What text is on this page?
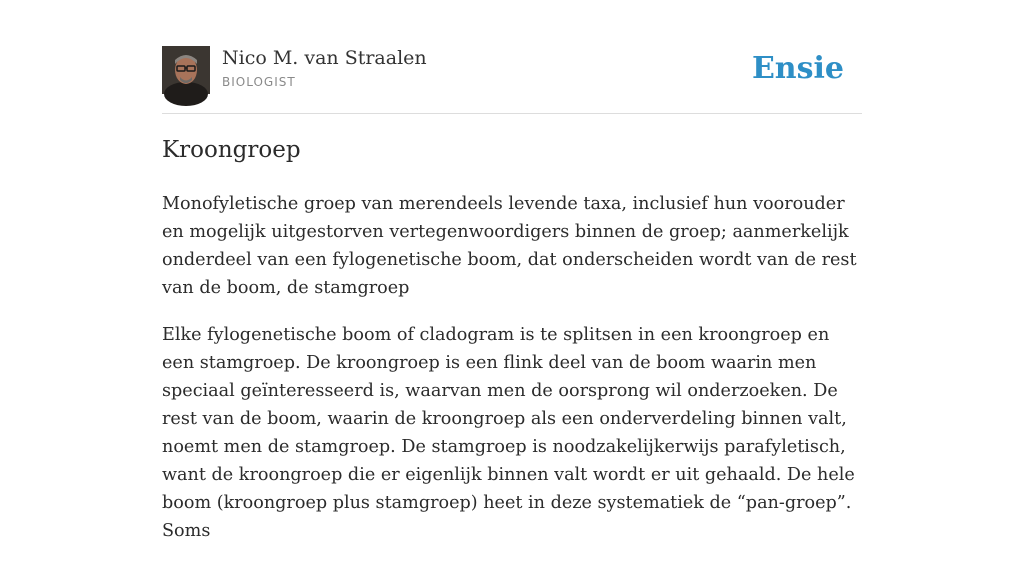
Nico M. van Straalen
BIOLOGIST	Ensie
Kroongroep

Monofyletische groep van merendeels levende taxa, inclusief hun voorouder en mogelijk uitgestorven vertegenwoordigers binnen de groep; aanmerkelijk onderdeel van een fylogenetische boom, dat onderscheiden wordt van de rest van de boom, de stamgroep

Elke fylogenetische boom of cladogram is te splitsen in een kroongroep en een stamgroep. De kroongroep is een flink deel van de boom waarin men speciaal geïnteresseerd is, waarvan men de oorsprong wil onderzoeken. De rest van de boom, waarin de kroongroep als een onderverdeling binnen valt, noemt men de stamgroep. De stamgroep is noodzakelijkerwijs parafyletisch, want de kroongroep die er eigenlijk binnen valt wordt er uit gehaald. De hele boom (kroongroep plus stamgroep) heet in deze systematiek de “pan-groep”. Soms
